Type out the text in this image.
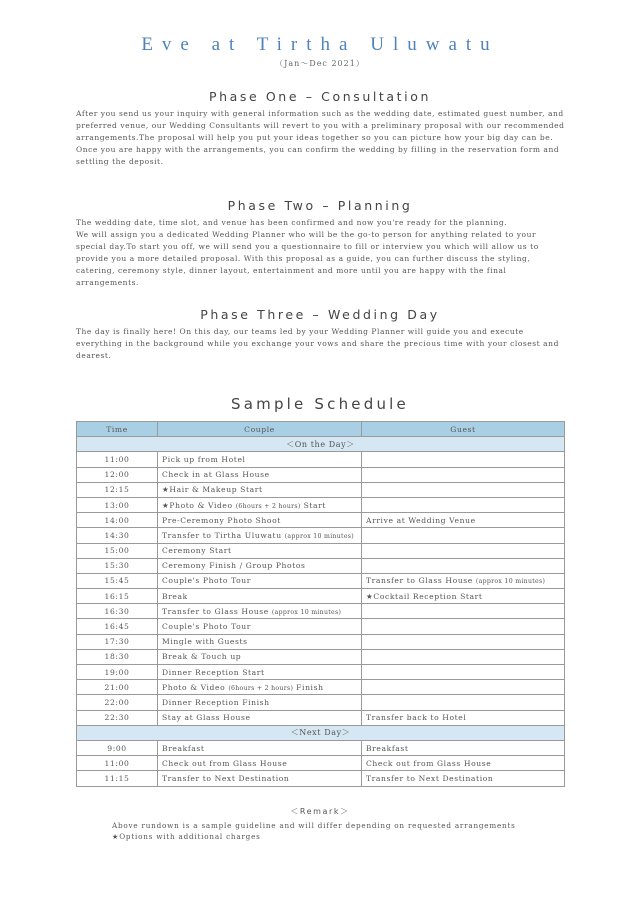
Eve at Tirtha Uluwatu
（Jan～Dec 2021）
Phase One – Consultation
After you send us your inquiry with general information such as the wedding date, estimated guest number, and preferred venue, our Wedding Consultants will revert to you with a preliminary proposal with our recommended arrangements.The proposal will help you put your ideas together so you can picture how your big day can be. Once you are happy with the arrangements, you can confirm the wedding by filling in the reservation form and settling the deposit.
Phase Two – Planning
The wedding date, time slot, and venue has been confirmed and now you're ready for the planning.
We will assign you a dedicated Wedding Planner who will be the go-to person for anything related to your special day.To start you off, we will send you a questionnaire to fill or interview you which will allow us to provide you a more detailed proposal. With this proposal as a guide, you can further discuss the styling, catering, ceremony style, dinner layout, entertainment and more until you are happy with the final arrangements.
Phase Three – Wedding Day
The day is finally here! On this day, our teams led by your Wedding Planner will guide you and execute everything in the background while you exchange your vows and share the precious time with your closest and dearest.
Sample Schedule
Time	Couple	Guest
＜On the Day＞		
11:00	Pick up from Hotel	
12:00	Check in at Glass House	
12:15	★Hair & Makeup Start	
13:00	★Photo & Video (6hours + 2 hours) Start	
14:00	Pre-Ceremony Photo Shoot	Arrive at Wedding Venue
14:30	Transfer to Tirtha Uluwatu (approx 10 minutes)	
15:00	Ceremony Start	
15:30	Ceremony Finish / Group Photos	
15:45	Couple's Photo Tour	Transfer to Glass House (approx 10 minutes)
16:15	Break	★Cocktail Reception Start
16:30	Transfer to Glass House (approx 10 minutes)	
16:45	Couple's Photo Tour	
17:30	Mingle with Guests	
18:30	Break & Touch up	
19:00	Dinner Reception Start	
21:00	Photo & Video (6hours + 2 hours) Finish	
22:00	Dinner Reception Finish	
22:30	Stay at Glass House	Transfer back to Hotel
＜Next Day＞		
9:00	Breakfast	Breakfast
11:00	Check out from Glass House	Check out from Glass House
11:15	Transfer to Next Destination	Transfer to Next Destination
＜Remark＞
Above rundown is a sample guideline and will differ depending on requested arrangements
★Options with additional charges
